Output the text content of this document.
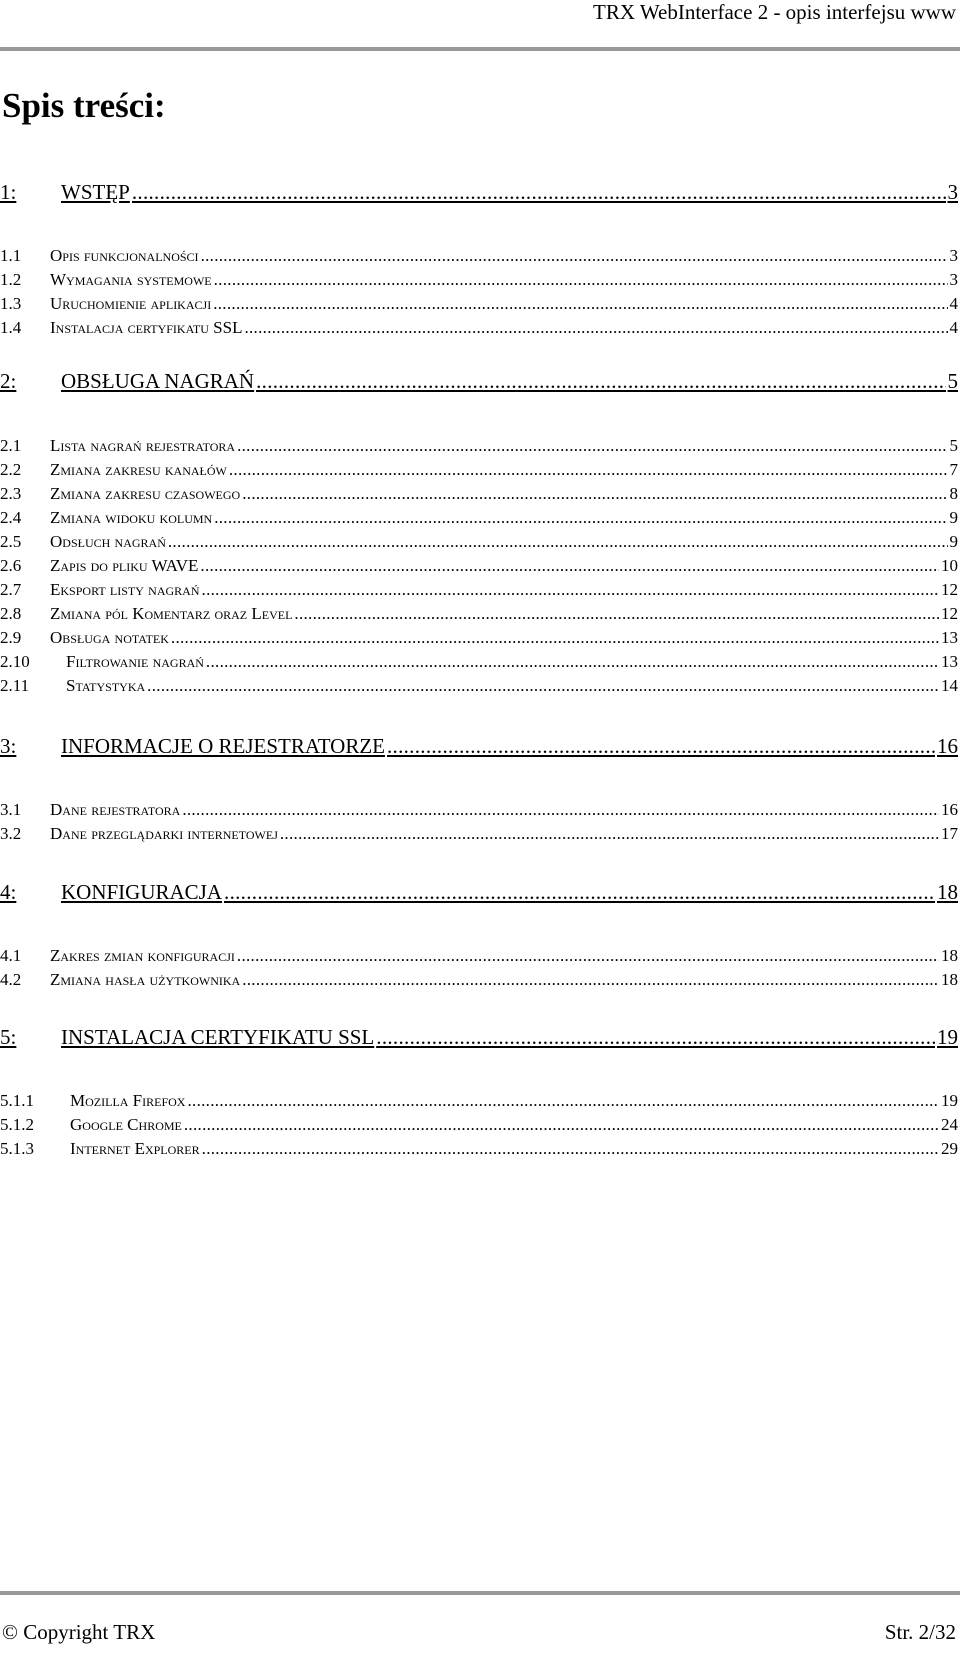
TRX WebInterface 2 - opis interfejsu www
Spis treści:
1:	WSTĘP .....	3
1.1	Opis funkcjonalności .....	3
1.2	Wymagania systemowe .....	3
1.3	Uruchomienie aplikacji .....	4
1.4	Instalacja certyfikatu SSL .....	4
2:	OBSŁUGA NAGRAŃ .....	5
2.1	Lista nagrań rejestratora .....	5
2.2	Zmiana zakresu kanałów .....	7
2.3	Zmiana zakresu czasowego .....	8
2.4	Zmiana widoku kolumn .....	9
2.5	Odsłuch nagrań .....	9
2.6	Zapis do pliku WAVE .....	10
2.7	Eksport listy nagrań .....	12
2.8	Zmiana pól Komentarz oraz Level .....	12
2.9	Obsługa notatek .....	13
2.10	Filtrowanie nagrań .....	13
2.11	Statystyka .....	14
3:	INFORMACJE O REJESTRATORZE .....	16
3.1	Dane rejestratora .....	16
3.2	Dane przeglądarki internetowej .....	17
4:	KONFIGURACJA .....	18
4.1	Zakres zmian konfiguracji .....	18
4.2	Zmiana hasła użytkownika .....	18
5:	INSTALACJA CERTYFIKATU SSL .....	19
5.1.1	Mozilla Firefox .....	19
5.1.2	Google Chrome .....	24
5.1.3	Internet Explorer .....	29
© Copyright TRX	Str. 2/32
